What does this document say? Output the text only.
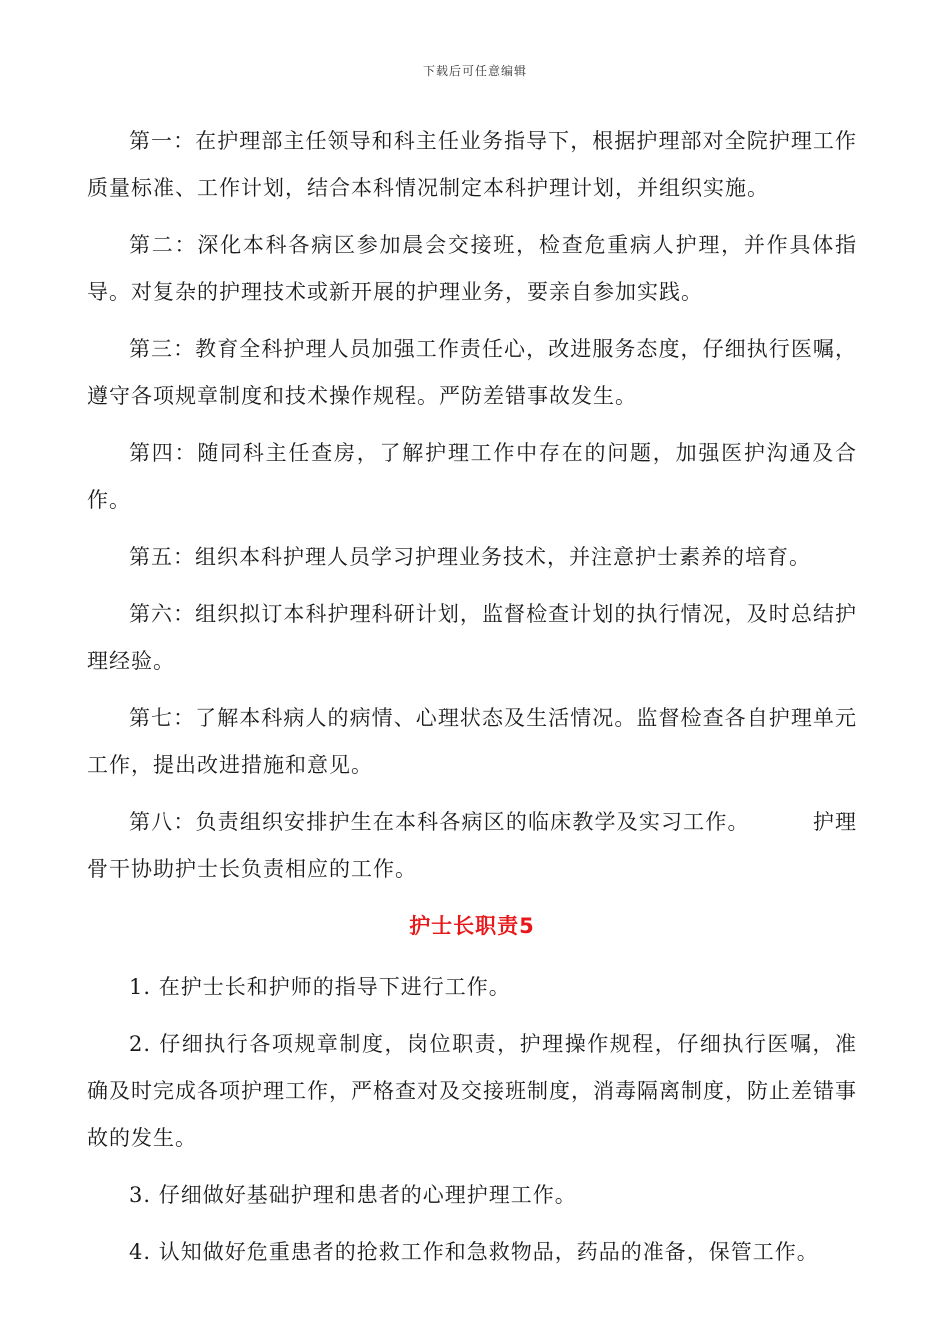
下载后可任意编辑

第一：在护理部主任领导和科主任业务指导下，根据护理部对全院护理工作质量标准、工作计划，结合本科情况制定本科护理计划，并组织实施。

第二：深化本科各病区参加晨会交接班，检查危重病人护理，并作具体指导。对复杂的护理技术或新开展的护理业务，要亲自参加实践。

第三：教育全科护理人员加强工作责任心，改进服务态度，仔细执行医嘱，遵守各项规章制度和技术操作规程。严防差错事故发生。

第四：随同科主任查房，了解护理工作中存在的问题，加强医护沟通及合作。

第五：组织本科护理人员学习护理业务技术，并注意护士素养的培育。

第六：组织拟订本科护理科研计划，监督检查计划的执行情况，及时总结护理经验。

第七：了解本科病人的病情、心理状态及生活情况。监督检查各自护理单元工作，提出改进措施和意见。

第八：负责组织安排护生在本科各病区的临床教学及实习工作。	护理骨干协助护士长负责相应的工作。

护士长职责5

1. 在护士长和护师的指导下进行工作。

2. 仔细执行各项规章制度，岗位职责，护理操作规程，仔细执行医嘱，准确及时完成各项护理工作，严格查对及交接班制度，消毒隔离制度，防止差错事故的发生。

3. 仔细做好基础护理和患者的心理护理工作。

4. 认知做好危重患者的抢救工作和急救物品，药品的准备，保管工作。
